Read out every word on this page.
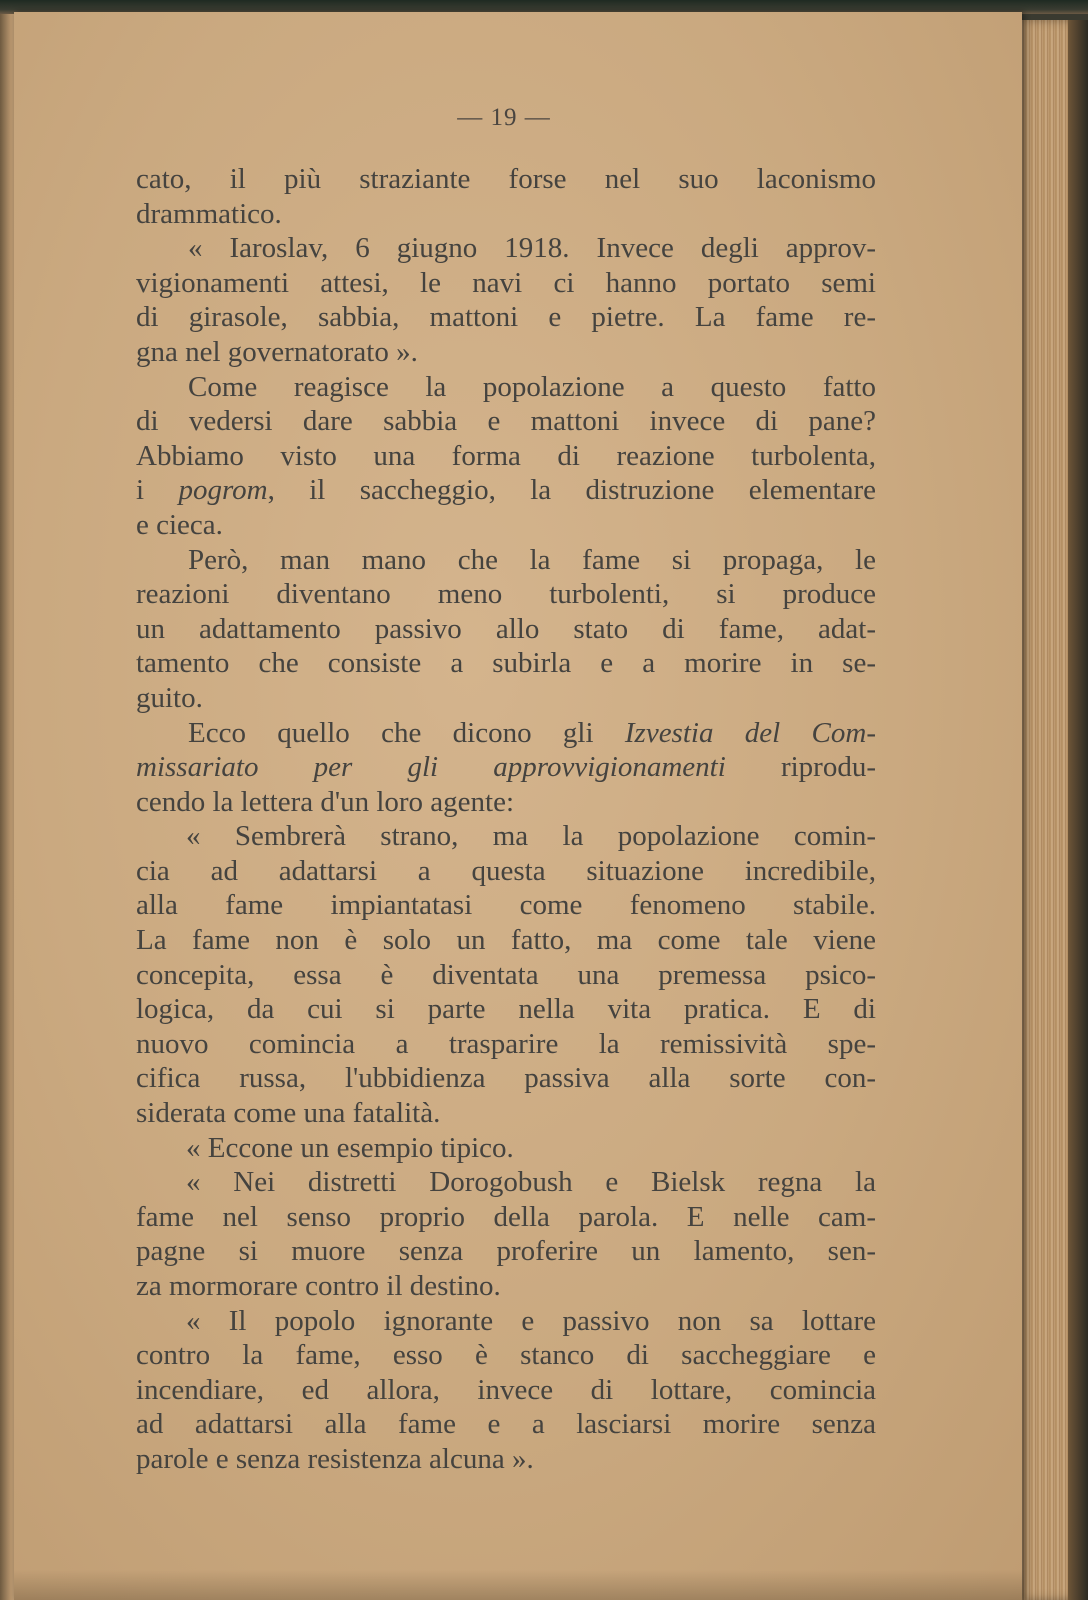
— 19 —
cato, il più straziante forse nel suo laconismo
drammatico.
« Iaroslav, 6 giugno 1918. Invece degli approv-
vigionamenti attesi, le navi ci hanno portato semi
di girasole, sabbia, mattoni e pietre. La fame re-
gna nel governatorato ».
Come reagisce la popolazione a questo fatto
di vedersi dare sabbia e mattoni invece di pane?
Abbiamo visto una forma di reazione turbolenta,
i pogrom, il saccheggio, la distruzione elementare
e cieca.
Però, man mano che la fame si propaga, le
reazioni diventano meno turbolenti, si produce
un adattamento passivo allo stato di fame, adat-
tamento che consiste a subirla e a morire in se-
guito.
Ecco quello che dicono gli Izvestia del Com-
missariato per gli approvvigionamenti riprodu-
cendo la lettera d'un loro agente:
« Sembrerà strano, ma la popolazione comin-
cia ad adattarsi a questa situazione incredibile,
alla fame impiantatasi come fenomeno stabile.
La fame non è solo un fatto, ma come tale viene
concepita, essa è diventata una premessa psico-
logica, da cui si parte nella vita pratica. E di
nuovo comincia a trasparire la remissività spe-
cifica russa, l'ubbidienza passiva alla sorte con-
siderata come una fatalità.
« Eccone un esempio tipico.
« Nei distretti Dorogobush e Bielsk regna la
fame nel senso proprio della parola. E nelle cam-
pagne si muore senza proferire un lamento, sen-
za mormorare contro il destino.
« Il popolo ignorante e passivo non sa lottare
contro la fame, esso è stanco di saccheggiare e
incendiare, ed allora, invece di lottare, comincia
ad adattarsi alla fame e a lasciarsi morire senza
parole e senza resistenza alcuna ».
